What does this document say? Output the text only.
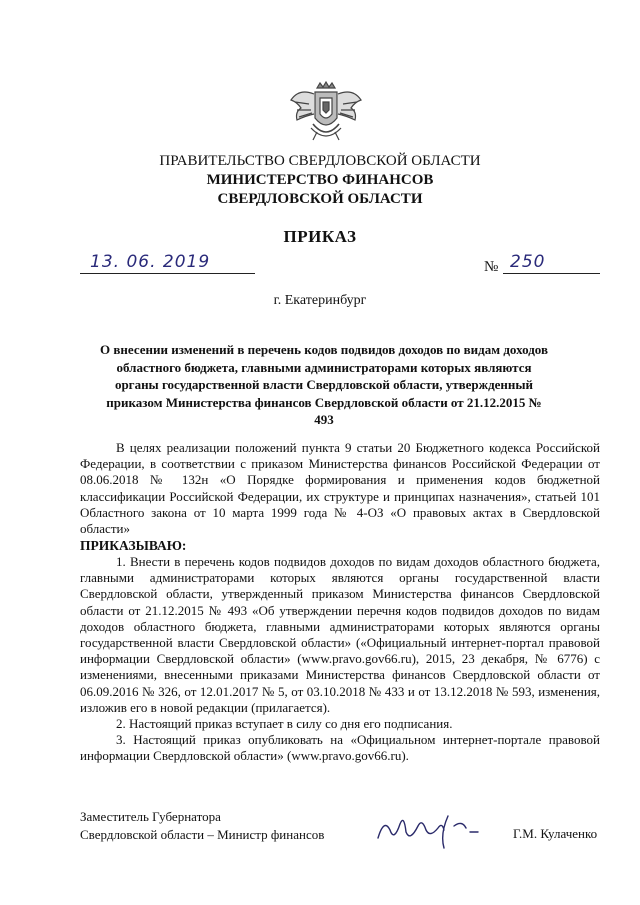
ПРАВИТЕЛЬСТВО СВЕРДЛОВСКОЙ ОБЛАСТИ
МИНИСТЕРСТВО ФИНАНСОВ
СВЕРДЛОВСКОЙ ОБЛАСТИ
ПРИКАЗ
13. 06. 2019	№ 250
г. Екатеринбург
О внесении изменений в перечень кодов подвидов доходов по видам доходов областного бюджета, главными администраторами которых являются органы государственной власти Свердловской области, утвержденный приказом Министерства финансов Свердловской области от 21.12.2015 № 493

В целях реализации положений пункта 9 статьи 20 Бюджетного кодекса Российской Федерации, в соответствии с приказом Министерства финансов Российской Федерации от 08.06.2018 № 132н «О Порядке формирования и применения кодов бюджетной классификации Российской Федерации, их структуре и принципах назначения», статьей 101 Областного закона от 10 марта 1999 года № 4-ОЗ «О правовых актах в Свердловской области»

ПРИКАЗЫВАЮ:

1. Внести в перечень кодов подвидов доходов по видам доходов областного бюджета, главными администраторами которых являются органы государственной власти Свердловской области, утвержденный приказом Министерства финансов Свердловской области от 21.12.2015 № 493 «Об утверждении перечня кодов подвидов доходов по видам доходов областного бюджета, главными администраторами которых являются органы государственной власти Свердловской области» («Официальный интернет-портал правовой информации Свердловской области» (www.pravo.gov66.ru), 2015, 23 декабря, № 6776) с изменениями, внесенными приказами Министерства финансов Свердловской области от 06.09.2016 № 326, от 12.01.2017 № 5, от 03.10.2018 № 433 и от 13.12.2018 № 593, изменения, изложив его в новой редакции (прилагается).

2. Настоящий приказ вступает в силу со дня его подписания.

3. Настоящий приказ опубликовать на «Официальном интернет-портале правовой информации Свердловской области» (www.pravo.gov66.ru).

Заместитель Губернатора
Свердловской области – Министр финансов	Г.М. Кулаченко
